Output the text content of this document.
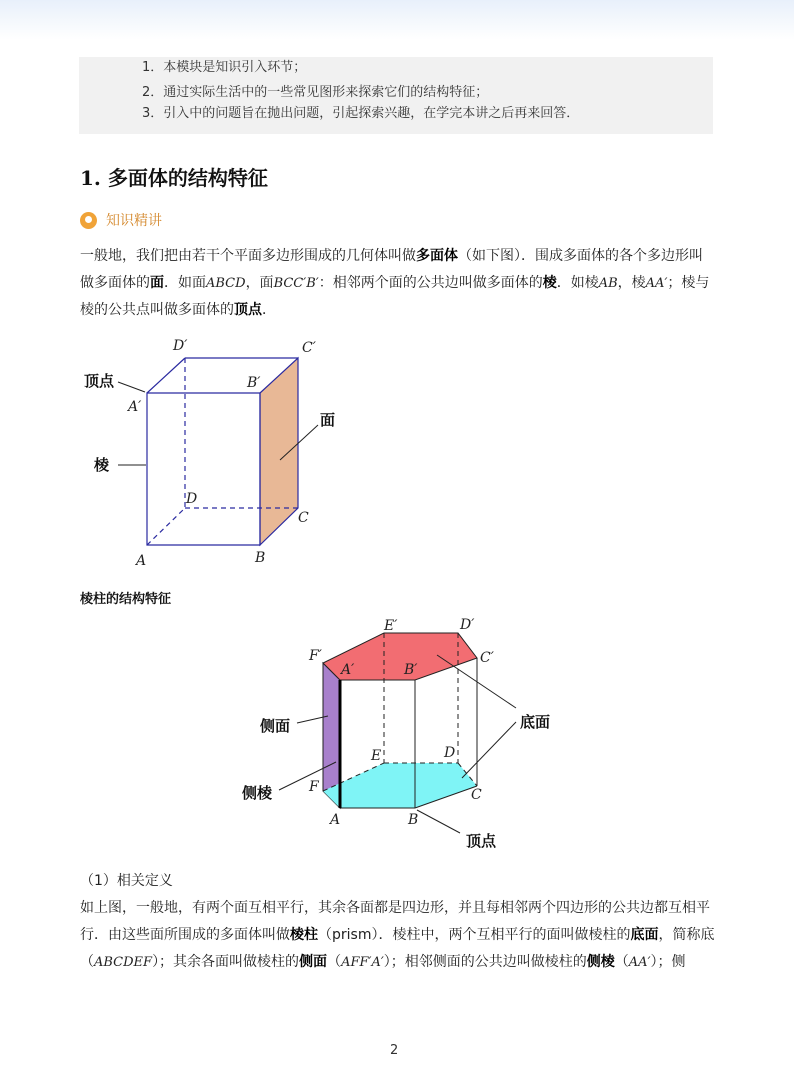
1．本模块是知识引入环节；
2．通过实际生活中的一些常见图形来探索它们的结构特征；
3．引入中的问题旨在抛出问题，引起探索兴趣，在学完本讲之后再来回答．
1. 多面体的结构特征
知识精讲
一般地，我们把由若干个平面多边形围成的几何体叫做多面体（如下图）．围成多面体的各个多边形叫
做多面体的面．如面ABCD，面BCC′B′：相邻两个面的公共边叫做多面体的棱．如棱AB，棱AA′；棱与
棱的公共点叫做多面体的顶点．
顶点
面
棱
D′	C′
B′
A′
D
C
A	B
棱柱的结构特征
侧面
侧棱
底面
顶点
E′	D′
F′
A′	B′
C′
E	D
F	C
A	B
（1）相关定义
如上图，一般地，有两个面互相平行，其余各面都是四边形，并且每相邻两个四边形的公共边都互相平
行．由这些面所围成的多面体叫做棱柱（prism）．棱柱中，两个互相平行的面叫做棱柱的底面，简称底
（ABCDEF）；其余各面叫做棱柱的侧面（AFF′A′）；相邻侧面的公共边叫做棱柱的侧棱（AA′）；侧
2
